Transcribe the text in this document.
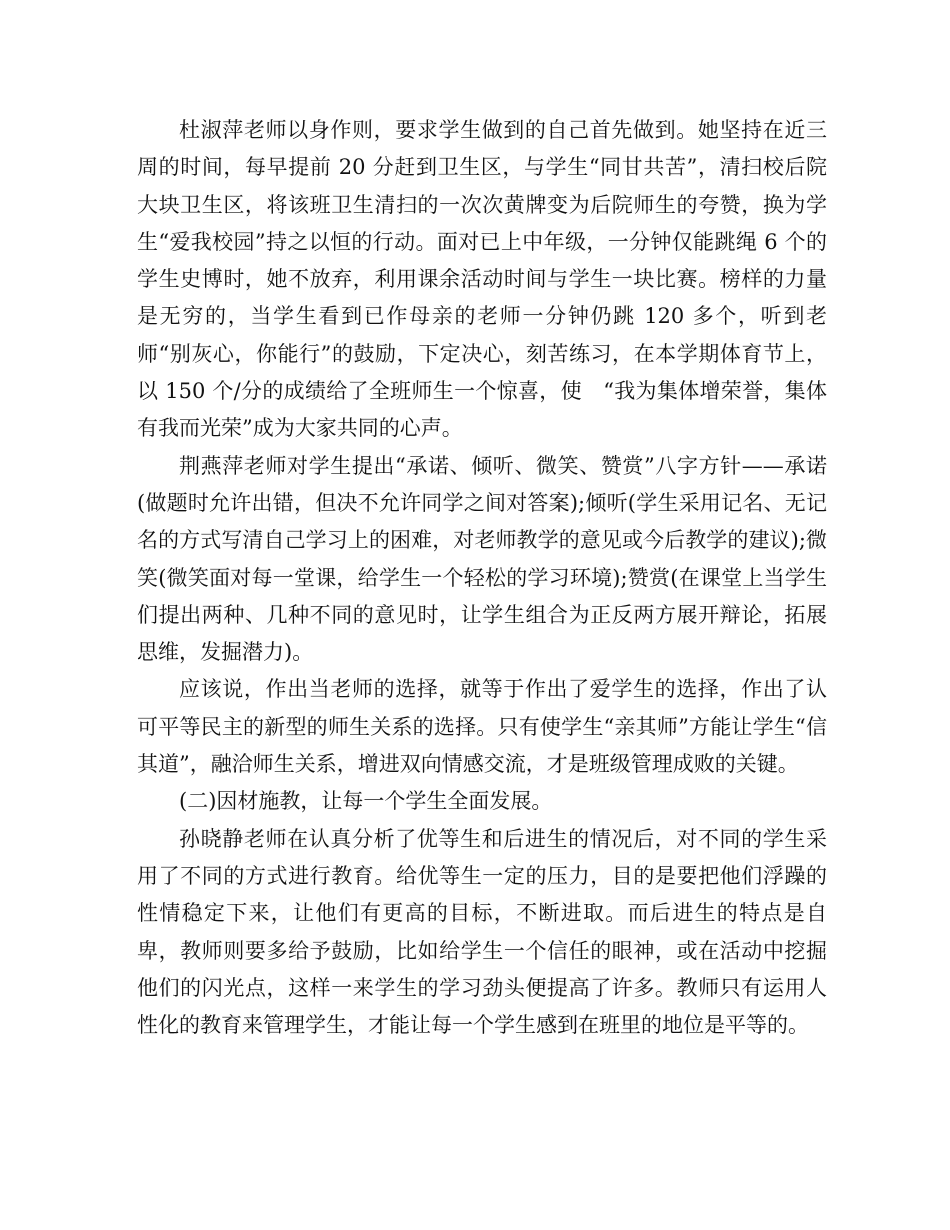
杜淑萍老师以身作则，要求学生做到的自己首先做到。她坚持在近三周的时间，每早提前 20 分赶到卫生区，与学生“同甘共苦”，清扫校后院大块卫生区，将该班卫生清扫的一次次黄牌变为后院师生的夸赞，换为学生“爱我校园”持之以恒的行动。面对已上中年级，一分钟仅能跳绳 6 个的学生史博时，她不放弃，利用课余活动时间与学生一块比赛。榜样的力量是无穷的，当学生看到已作母亲的老师一分钟仍跳 120 多个，听到老师“别灰心，你能行”的鼓励，下定决心，刻苦练习，在本学期体育节上，以 150 个/分的成绩给了全班师生一个惊喜，使　“我为集体增荣誉，集体有我而光荣”成为大家共同的心声。

荆燕萍老师对学生提出“承诺、倾听、微笑、赞赏”八字方针——承诺(做题时允许出错，但决不允许同学之间对答案);倾听(学生采用记名、无记名的方式写清自己学习上的困难，对老师教学的意见或今后教学的建议);微笑(微笑面对每一堂课，给学生一个轻松的学习环境);赞赏(在课堂上当学生们提出两种、几种不同的意见时，让学生组合为正反两方展开辩论，拓展思维，发掘潜力)。

应该说，作出当老师的选择，就等于作出了爱学生的选择，作出了认可平等民主的新型的师生关系的选择。只有使学生“亲其师”方能让学生“信其道”，融洽师生关系，增进双向情感交流，才是班级管理成败的关键。

(二)因材施教，让每一个学生全面发展。

孙晓静老师在认真分析了优等生和后进生的情况后，对不同的学生采用了不同的方式进行教育。给优等生一定的压力，目的是要把他们浮躁的性情稳定下来，让他们有更高的目标，不断进取。而后进生的特点是自卑，教师则要多给予鼓励，比如给学生一个信任的眼神，或在活动中挖掘他们的闪光点，这样一来学生的学习劲头便提高了许多。教师只有运用人性化的教育来管理学生，才能让每一个学生感到在班里的地位是平等的。
